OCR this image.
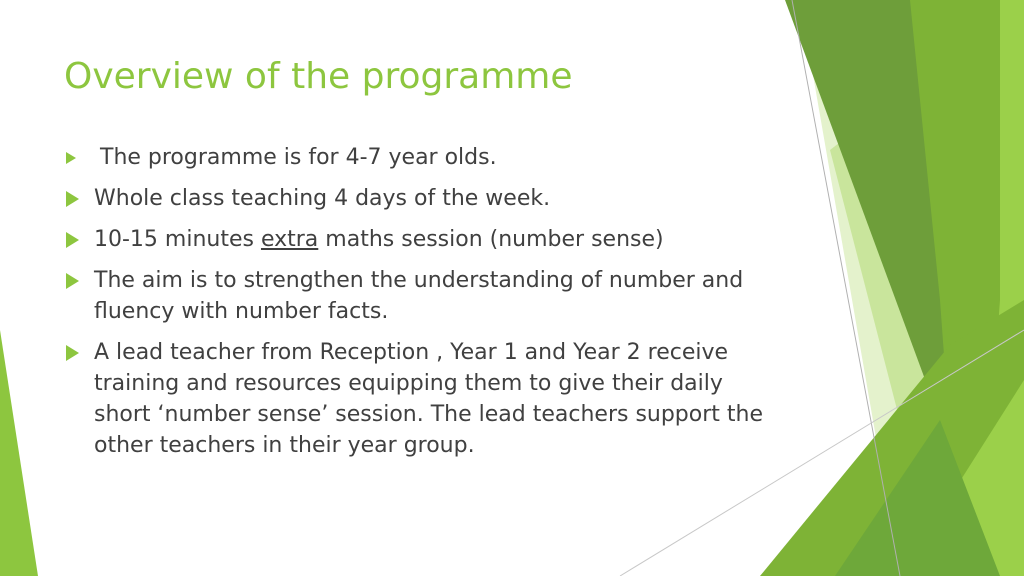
Overview of the programme
The programme is for 4-7 year olds.
Whole class teaching 4 days of the week.
10-15 minutes extra maths session (number sense)
The aim is to strengthen the understanding of number and fluency with number facts.
A lead teacher from Reception , Year 1 and Year 2 receive training and resources equipping them to give their daily short ‘number sense’ session. The lead teachers support the other teachers in their year group.
